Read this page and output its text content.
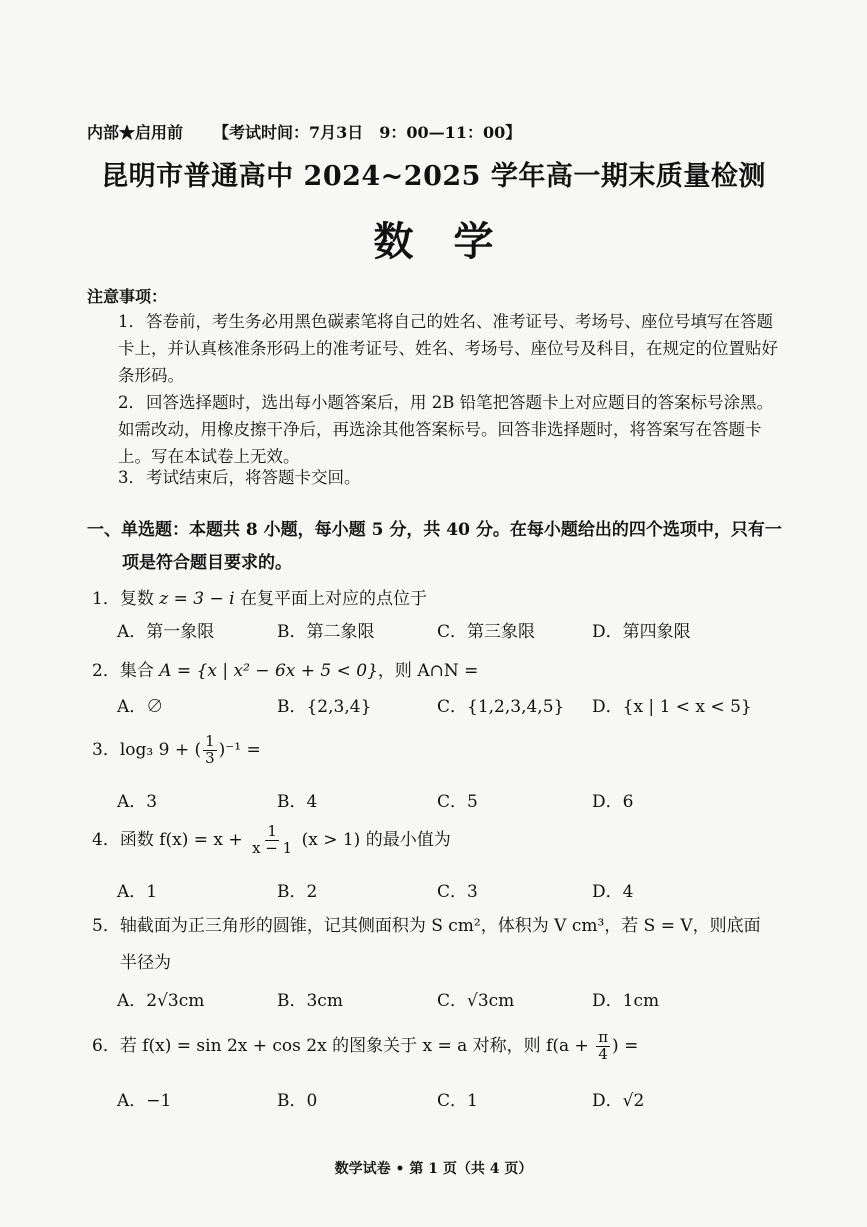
内部★启用前 【考试时间：7月3日　9：00—11：00】
昆明市普通高中 2024~2025 学年高一期末质量检测
数学
注意事项：
1．答卷前，考生务必用黑色碳素笔将自己的姓名、准考证号、考场号、座位号填写在答题卡上，并认真核准条形码上的准考证号、姓名、考场号、座位号及科目，在规定的位置贴好条形码。
2．回答选择题时，选出每小题答案后，用 2B 铅笔把答题卡上对应题目的答案标号涂黑。如需改动，用橡皮擦干净后，再选涂其他答案标号。回答非选择题时，将答案写在答题卡上。写在本试卷上无效。
3．考试结束后，将答题卡交回。
一、单选题：本题共 8 小题，每小题 5 分，共 40 分。在每小题给出的四个选项中，只有一
项是符合题目要求的。
1．复数 z = 3 − i 在复平面上对应的点位于
A．第一象限	B．第二象限	C．第三象限	D．第四象限
2．集合 A = {x | x² − 6x + 5 < 0}，则 A∩N =
A．∅	B．{2,3,4}	C．{1,2,3,4,5}	D．{x | 1 < x < 5}
3．log₃ 9 + ( $\frac{1}{3} )^{-1}$ =
A．3	B．4	C．5	D．6
4．函数 $f(x) = x + \frac{1}{x - 1} (x > 1)$ 的最小值为
A．1	B．2	C．3	D．4
5．轴截面为正三角形的圆锥，记其侧面积为 S cm²，体积为 V cm³，若 S = V，则底面
半径为
A．2√3cm	B．3cm	C．√3cm	D．1cm
6．若 f(x) = sin 2x + cos 2x 的图象关于 x = a 对称，则 $f(a + \frac{\pi}{4}$ ) =
A．−1	B．0	C．1	D．√2
数学试卷 • 第 1 页（共 4 页）
